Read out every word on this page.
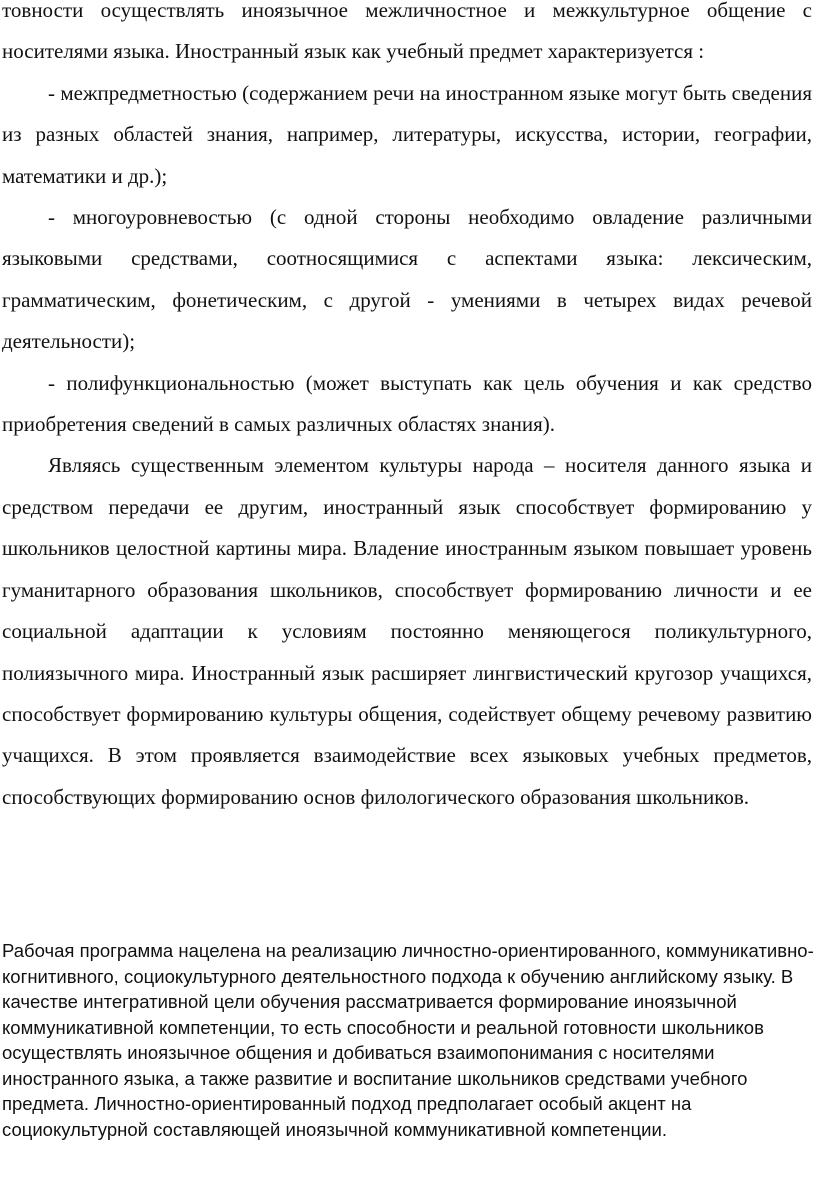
товности осуществлять иноязычное межличностное и межкультурное общение с носителями языка. Иностранный язык как учебный предмет характеризуется :

- межпредметностью (содержанием речи на иностранном языке могут быть сведения из разных областей знания, например, литературы, искусства, истории, географии, математики и др.);

- многоуровневостью (с одной стороны необходимо овладение различными языковыми средствами, соотносящимися с аспектами языка: лексическим, грамматическим, фонетическим, с другой - умениями в четырех видах речевой деятельности);

- полифункциональностью (может выступать как цель обучения и как средство приобретения сведений в самых различных областях знания).

Являясь существенным элементом культуры народа – носителя данного языка и средством передачи ее другим, иностранный язык способствует формированию у школьников целостной картины мира. Владение иностранным языком повышает уровень гуманитарного образования школьников, способствует формированию личности и ее социальной адаптации к условиям постоянно меняющегося поликультурного, полиязычного мира. Иностранный язык расширяет лингвистический кругозор учащихся, способствует формированию культуры общения, содействует общему речевому развитию учащихся. В этом проявляется взаимодействие всех языковых учебных предметов, способствующих формированию основ филологического образования школьников.

Рабочая программа нацелена на реализацию личностно-ориентированного, коммуникативно-когнитивного, социокультурного деятельностного подхода к обучению английскому языку. В качестве интегративной цели обучения рассматривается формирование иноязычной коммуникативной компетенции, то есть способности и реальной готовности школьников осуществлять иноязычное общения и добиваться взаимопонимания с носителями иностранного языка, а также развитие и воспитание школьников средствами учебного предмета. Личностно-ориентированный подход предполагает особый акцент на социокультурной составляющей иноязычной коммуникативной компетенции.
